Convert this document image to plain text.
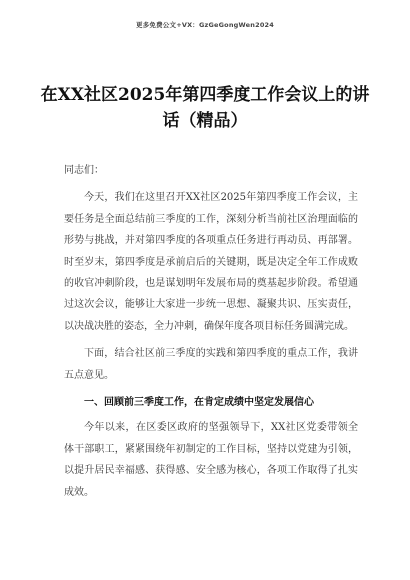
更多免费公文+VX：GzGeGongWen2024
在XX社区2025年第四季度工作会议上的讲话（精品）

同志们：

今天，我们在这里召开XX社区2025年第四季度工作会议，主要任务是全面总结前三季度的工作，深刻分析当前社区治理面临的形势与挑战，并对第四季度的各项重点任务进行再动员、再部署。时至岁末，第四季度是承前启后的关键期，既是决定全年工作成败的收官冲刺阶段，也是谋划明年发展布局的奠基起步阶段。希望通过这次会议，能够让大家进一步统一思想、凝聚共识、压实责任，以决战决胜的姿态，全力冲刺，确保年度各项目标任务圆满完成。

下面，结合社区前三季度的实践和第四季度的重点工作，我讲五点意见。

一、回顾前三季度工作，在肯定成绩中坚定发展信心

今年以来，在区委区政府的坚强领导下，XX社区党委带领全体干部职工，紧紧围绕年初制定的工作目标，坚持以党建为引领，以提升居民幸福感、获得感、安全感为核心，各项工作取得了扎实成效。
